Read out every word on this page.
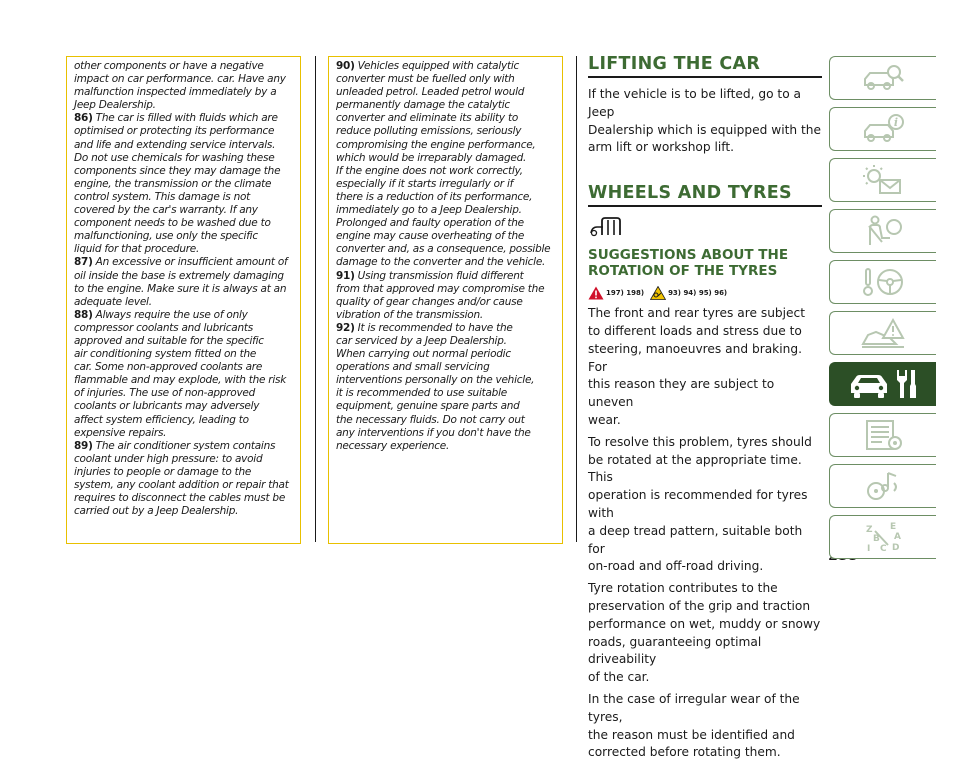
other components or have a negative
impact on car performance. car. Have any
malfunction inspected immediately by a
Jeep Dealership.

86) The car is filled with fluids which are
optimised or protecting its performance
and life and extending service intervals.
Do not use chemicals for washing these
components since they may damage the
engine, the transmission or the climate
control system. This damage is not
covered by the car's warranty. If any
component needs to be washed due to
malfunctioning, use only the specific
liquid for that procedure.

87) An excessive or insufficient amount of
oil inside the base is extremely damaging
to the engine. Make sure it is always at an
adequate level.

88) Always require the use of only
compressor coolants and lubricants
approved and suitable for the specific
air conditioning system fitted on the
car. Some non-approved coolants are
flammable and may explode, with the risk
of injuries. The use of non-approved
coolants or lubricants may adversely
affect system efficiency, leading to
expensive repairs.

89) The air conditioner system contains
coolant under high pressure: to avoid
injuries to people or damage to the
system, any coolant addition or repair that
requires to disconnect the cables must be
carried out by a Jeep Dealership.

90) Vehicles equipped with catalytic
converter must be fuelled only with
unleaded petrol. Leaded petrol would
permanently damage the catalytic
converter and eliminate its ability to
reduce polluting emissions, seriously
compromising the engine performance,
which would be irreparably damaged.
If the engine does not work correctly,
especially if it starts irregularly or if
there is a reduction of its performance,
immediately go to a Jeep Dealership.
Prolonged and faulty operation of the
engine may cause overheating of the
converter and, as a consequence, possible
damage to the converter and the vehicle.

91) Using transmission fluid different
from that approved may compromise the
quality of gear changes and/or cause
vibration of the transmission.

92) It is recommended to have the
car serviced by a Jeep Dealership.
When carrying out normal periodic
operations and small servicing
interventions personally on the vehicle,
it is recommended to use suitable
equipment, genuine spare parts and
the necessary fluids. Do not carry out
any interventions if you don't have the
necessary experience.

LIFTING THE CAR

If the vehicle is to be lifted, go to a Jeep
Dealership which is equipped with the
arm lift or workshop lift.

WHEELS AND TYRES
SUGGESTIONS ABOUT THE
ROTATION OF THE TYRES
197) 198)	93) 94) 95) 96)

The front and rear tyres are subject
to different loads and stress due to
steering, manoeuvres and braking. For
this reason they are subject to uneven
wear.

To resolve this problem, tyres should
be rotated at the appropriate time. This
operation is recommended for tyres with
a deep tread pattern, suitable both for
on-road and off-road driving.

Tyre rotation contributes to the
preservation of the grip and traction
performance on wet, muddy or snowy
roads, guaranteeing optimal driveability
of the car.

In the case of irregular wear of the tyres,
the reason must be identified and
corrected before rotating them.

i
Z E
B A
I C D
